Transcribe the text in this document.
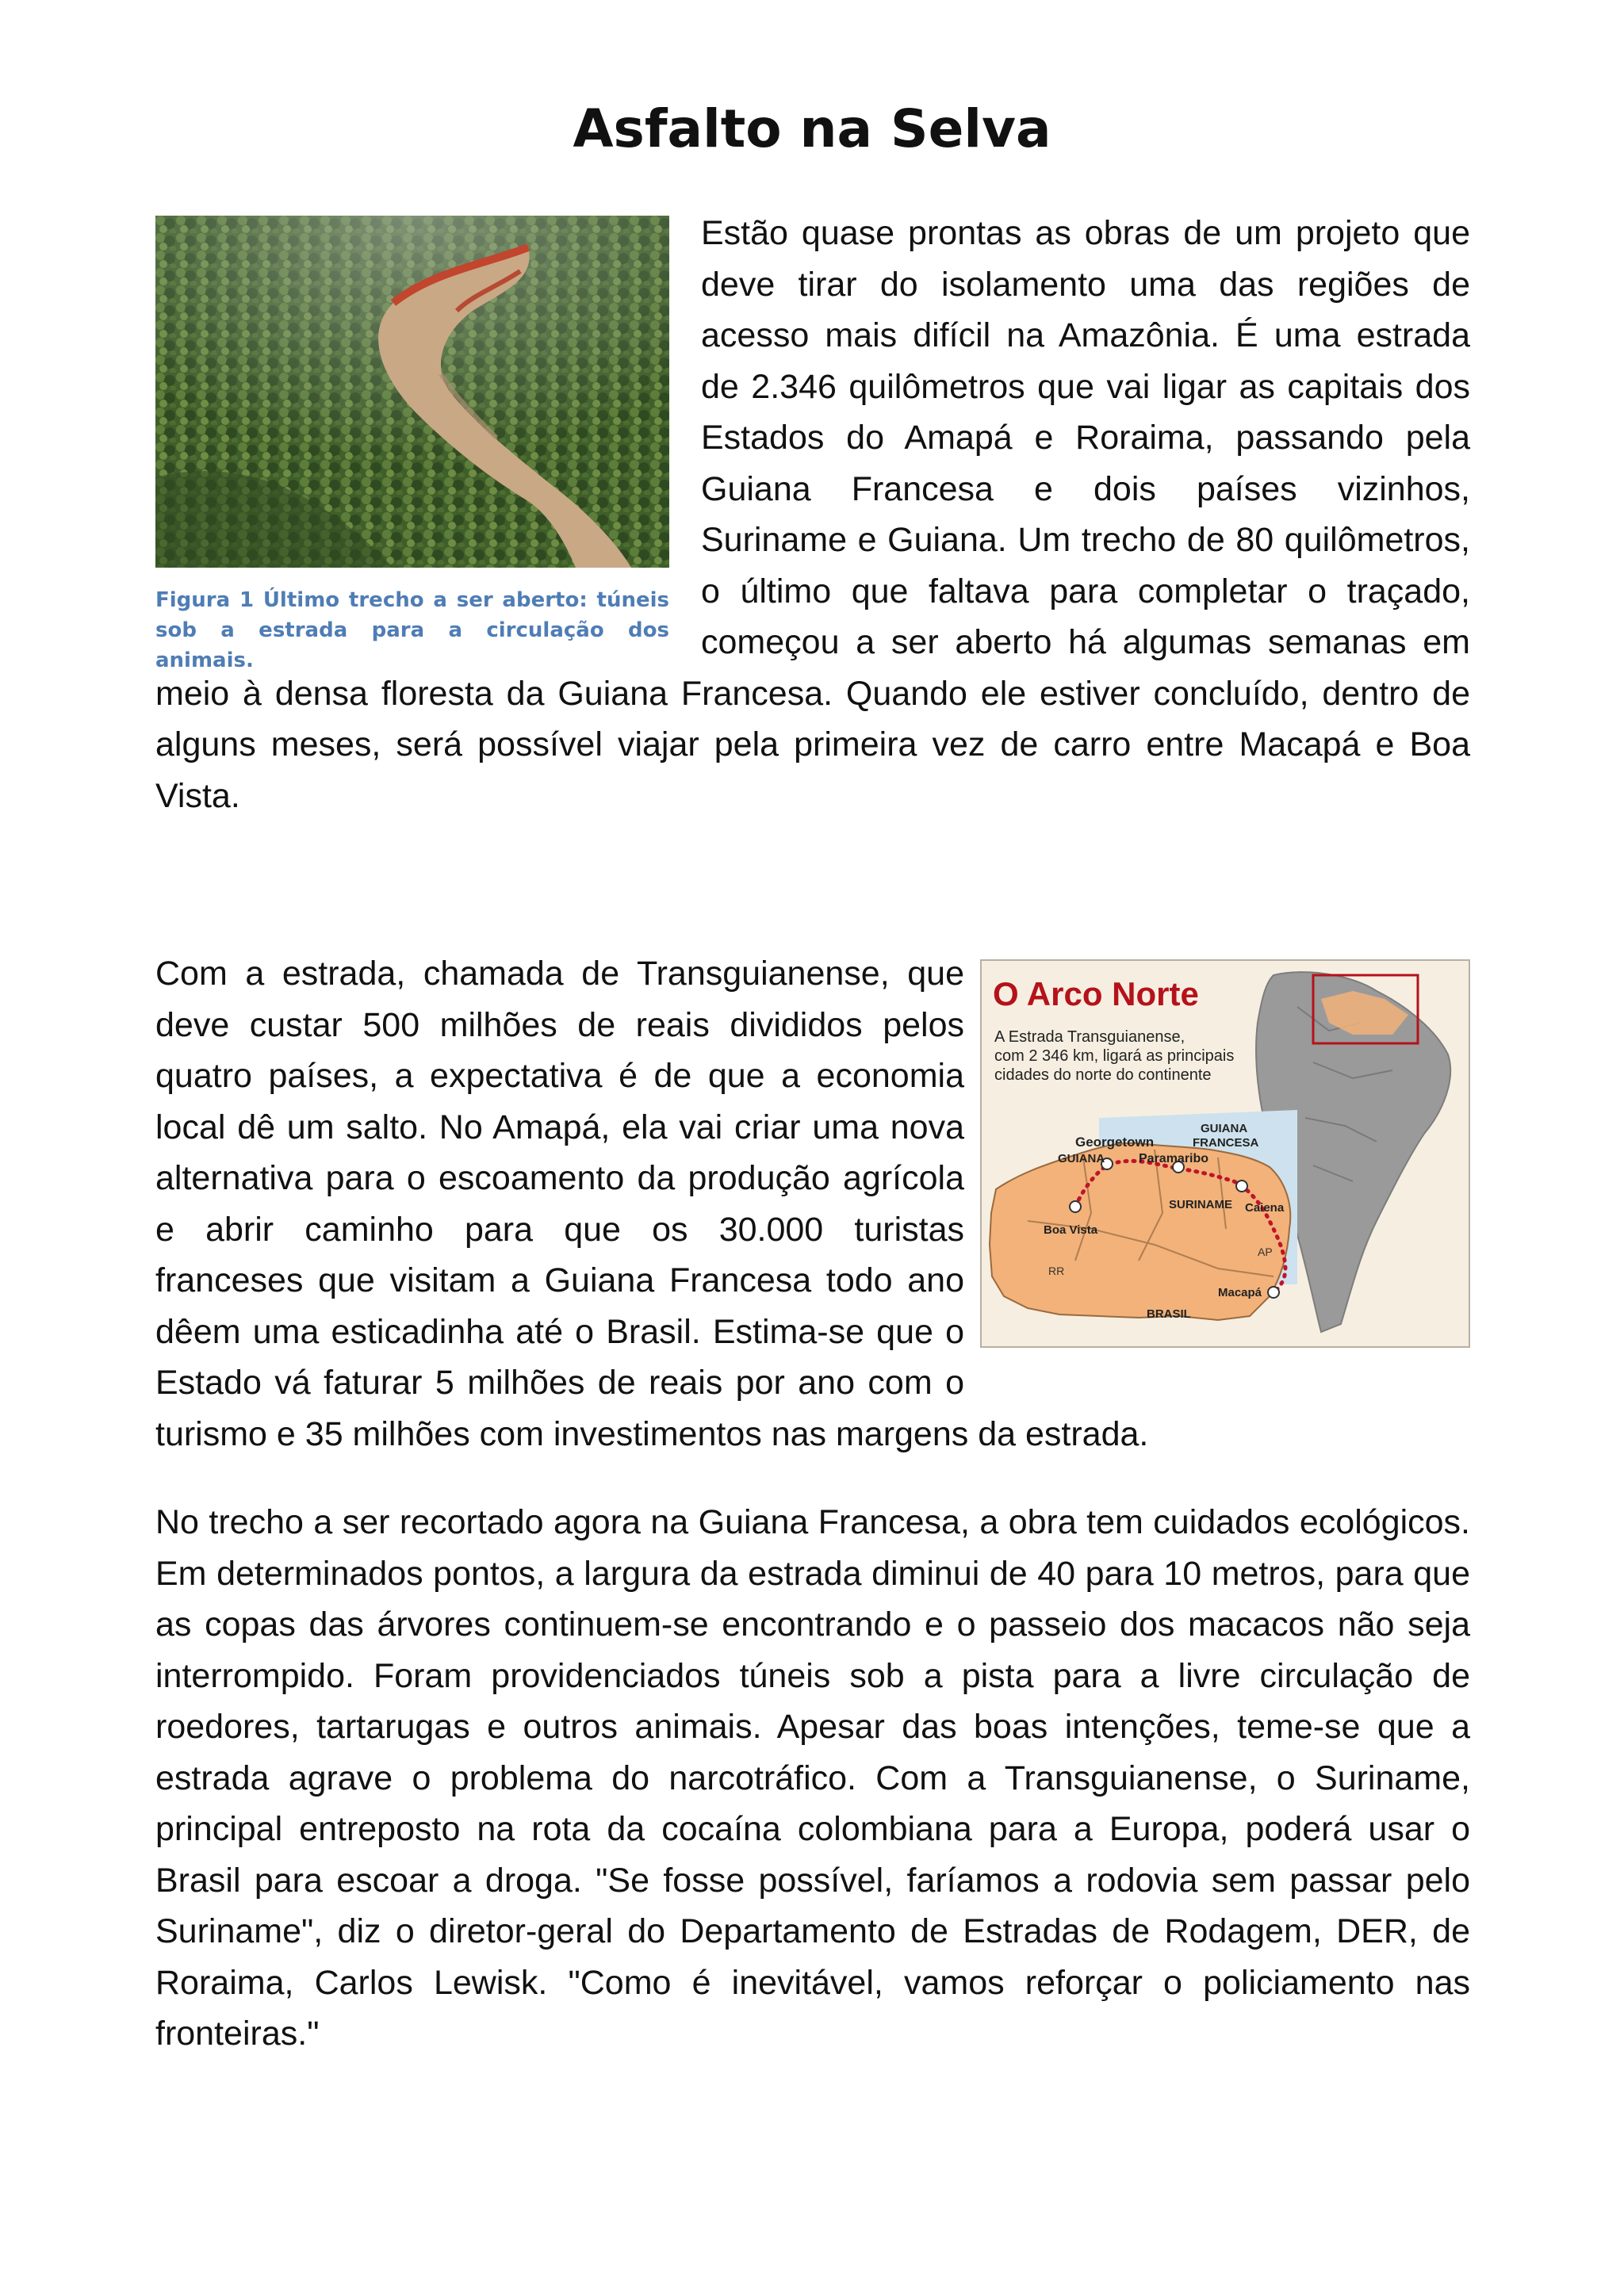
Asfalto na Selva
Figura 1 Último trecho a ser aberto: túneis sob a estrada para a circulação dos animais.
Estão quase prontas as obras de um projeto que deve tirar do isolamento uma das regiões de acesso mais difícil na Amazônia. É uma estrada de 2.346 quilômetros que vai ligar as capitais dos Estados do Amapá e Roraima, passando pela Guiana Francesa e dois países vizinhos, Suriname e Guiana. Um trecho de 80 quilômetros, o último que faltava para completar o traçado, começou a ser aberto há algumas semanas em meio à densa floresta da Guiana Francesa. Quando ele estiver concluído, dentro de alguns meses, será possível viajar pela primeira vez de carro entre Macapá e Boa Vista.
O Arco Norte
A Estrada Transguianense,
com 2 346 km, ligará as principais
cidades do norte do continente
Georgetown
GUIANA
GUIANA
FRANCESA
Paramaribo
SURINAME Caiena
Boa Vista
RR
AP
Macapá
BRASIL
Com a estrada, chamada de Transguianense, que deve custar 500 milhões de reais divididos pelos quatro países, a expectativa é de que a economia local dê um salto. No Amapá, ela vai criar uma nova alternativa para o escoamento da produção agrícola e abrir caminho para que os 30.000 turistas franceses que visitam a Guiana Francesa todo ano dêem uma esticadinha até o Brasil. Estima-se que o Estado vá faturar 5 milhões de reais por ano com o turismo e 35 milhões com investimentos nas margens da estrada.
No trecho a ser recortado agora na Guiana Francesa, a obra tem cuidados ecológicos. Em determinados pontos, a largura da estrada diminui de 40 para 10 metros, para que as copas das árvores continuem-se encontrando e o passeio dos macacos não seja interrompido. Foram providenciados túneis sob a pista para a livre circulação de roedores, tartarugas e outros animais. Apesar das boas intenções, teme-se que a estrada agrave o problema do narcotráfico. Com a Transguianense, o Suriname, principal entreposto na rota da cocaína colombiana para a Europa, poderá usar o Brasil para escoar a droga. "Se fosse possível, faríamos a rodovia sem passar pelo Suriname", diz o diretor-geral do Departamento de Estradas de Rodagem, DER, de Roraima, Carlos Lewisk. "Como é inevitável, vamos reforçar o policiamento nas fronteiras."
